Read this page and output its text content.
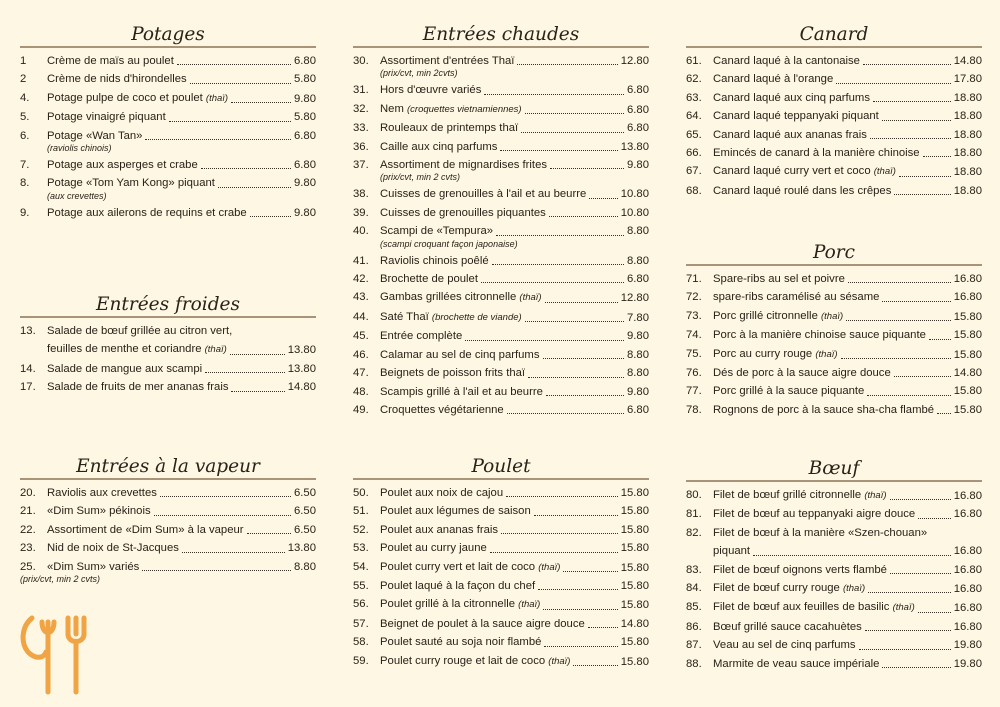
Potages
1	Crème de maïs au poulet	6.80
2	Crème de nids d'hirondelles	5.80
4.	Potage pulpe de coco et poulet (thaï)	9.80
5.	Potage vinaigré piquant	5.80
6.	Potage «Wan Tan»	6.80
(raviolis chinois)
7.	Potage aux asperges et crabe	6.80
8.	Potage «Tom Yam Kong» piquant	9.80
(aux crevettes)
9.	Potage aux ailerons de requins et crabe	9.80
Entrées froides
13. Salade de bœuf grillée au citron vert,
feuilles de menthe et coriandre (thaï)	13.80
14. Salade de mangue aux scampi	13.80
17. Salade de fruits de mer ananas frais	14.80
Entrées à la vapeur
20. Raviolis aux crevettes	6.50
21. «Dim Sum» pékinois	6.50
22. Assortiment de «Dim Sum» à la vapeur	6.50
23. Nid de noix de St-Jacques	13.80
25. «Dim Sum» variés	8.80
(prix/cvt, min 2 cvts)
Entrées chaudes
30. Assortiment d'entrées Thaï	12.80
(prix/cvt, min 2cvts)
31. Hors d'œuvre variés	6.80
32. Nem (croquettes vietnamiennes)	6.80
33. Rouleaux de printemps thaï	6.80
36. Caille aux cinq parfums	13.80
37. Assortiment de mignardises frites	9.80
(prix/cvt, min 2 cvts)
38. Cuisses de grenouilles à l'ail et au beurre	10.80
39. Cuisses de grenouilles piquantes	10.80
40. Scampi de «Tempura»	8.80
(scampi croquant façon japonaise)
41. Raviolis chinois poêlé	8.80
42. Brochette de poulet	6.80
43. Gambas grillées citronnelle (thaï)	12.80
44. Saté Thaï (brochette de viande)	7.80
45. Entrée complète	9.80
46. Calamar au sel de cinq parfums	8.80
47. Beignets de poisson frits thaï	8.80
48. Scampis grillé à l'ail et au beurre	9.80
49. Croquettes végétarienne	6.80
Poulet
50. Poulet aux noix de cajou	15.80
51. Poulet aux légumes de saison	15.80
52. Poulet aux ananas frais	15.80
53. Poulet au curry jaune	15.80
54. Poulet curry vert et lait de coco (thaï)	15.80
55. Poulet laqué à la façon du chef	15.80
56. Poulet grillé à la citronnelle (thaï)	15.80
57. Beignet de poulet à la sauce aigre douce	14.80
58. Poulet sauté au soja noir flambé	15.80
59. Poulet curry rouge et lait de coco (thaï)	15.80
Canard
61. Canard laqué à la cantonaise	14.80
62. Canard laqué à l'orange	17.80
63. Canard laqué aux cinq parfums	18.80
64. Canard laqué teppanyaki piquant	18.80
65. Canard laqué aux ananas frais	18.80
66. Emincés de canard à la manière chinoise	18.80
67. Canard laqué curry vert et coco (thaï)	18.80
68. Canard laqué roulé dans les crêpes	18.80
Porc
71. Spare-ribs au sel et poivre	16.80
72. spare-ribs caramélisé au sésame	16.80
73. Porc grillé citronnelle (thaï)	15.80
74. Porc à la manière chinoise sauce piquante 15.80
75. Porc au curry rouge (thaï)	15.80
76. Dés de porc à la sauce aigre douce	14.80
77. Porc grillé à la sauce piquante	15.80
78. Rognons de porc à la sauce sha-cha flambé 15.80
Bœuf
80. Filet de bœuf grillé citronnelle (thaï)	16.80
81. Filet de bœuf au teppanyaki aigre douce	16.80
82. Filet de bœuf à la manière «Szen-chouan»
piquant	16.80
83. Filet de bœuf oignons verts flambé	16.80
84. Filet de bœuf curry rouge (thaï)	16.80
85. Filet de bœuf aux feuilles de basilic (thaï)	16.80
86. Bœuf grillé sauce cacahuètes	16.80
87. Veau au sel de cinq parfums	19.80
88. Marmite de veau sauce impériale	19.80
